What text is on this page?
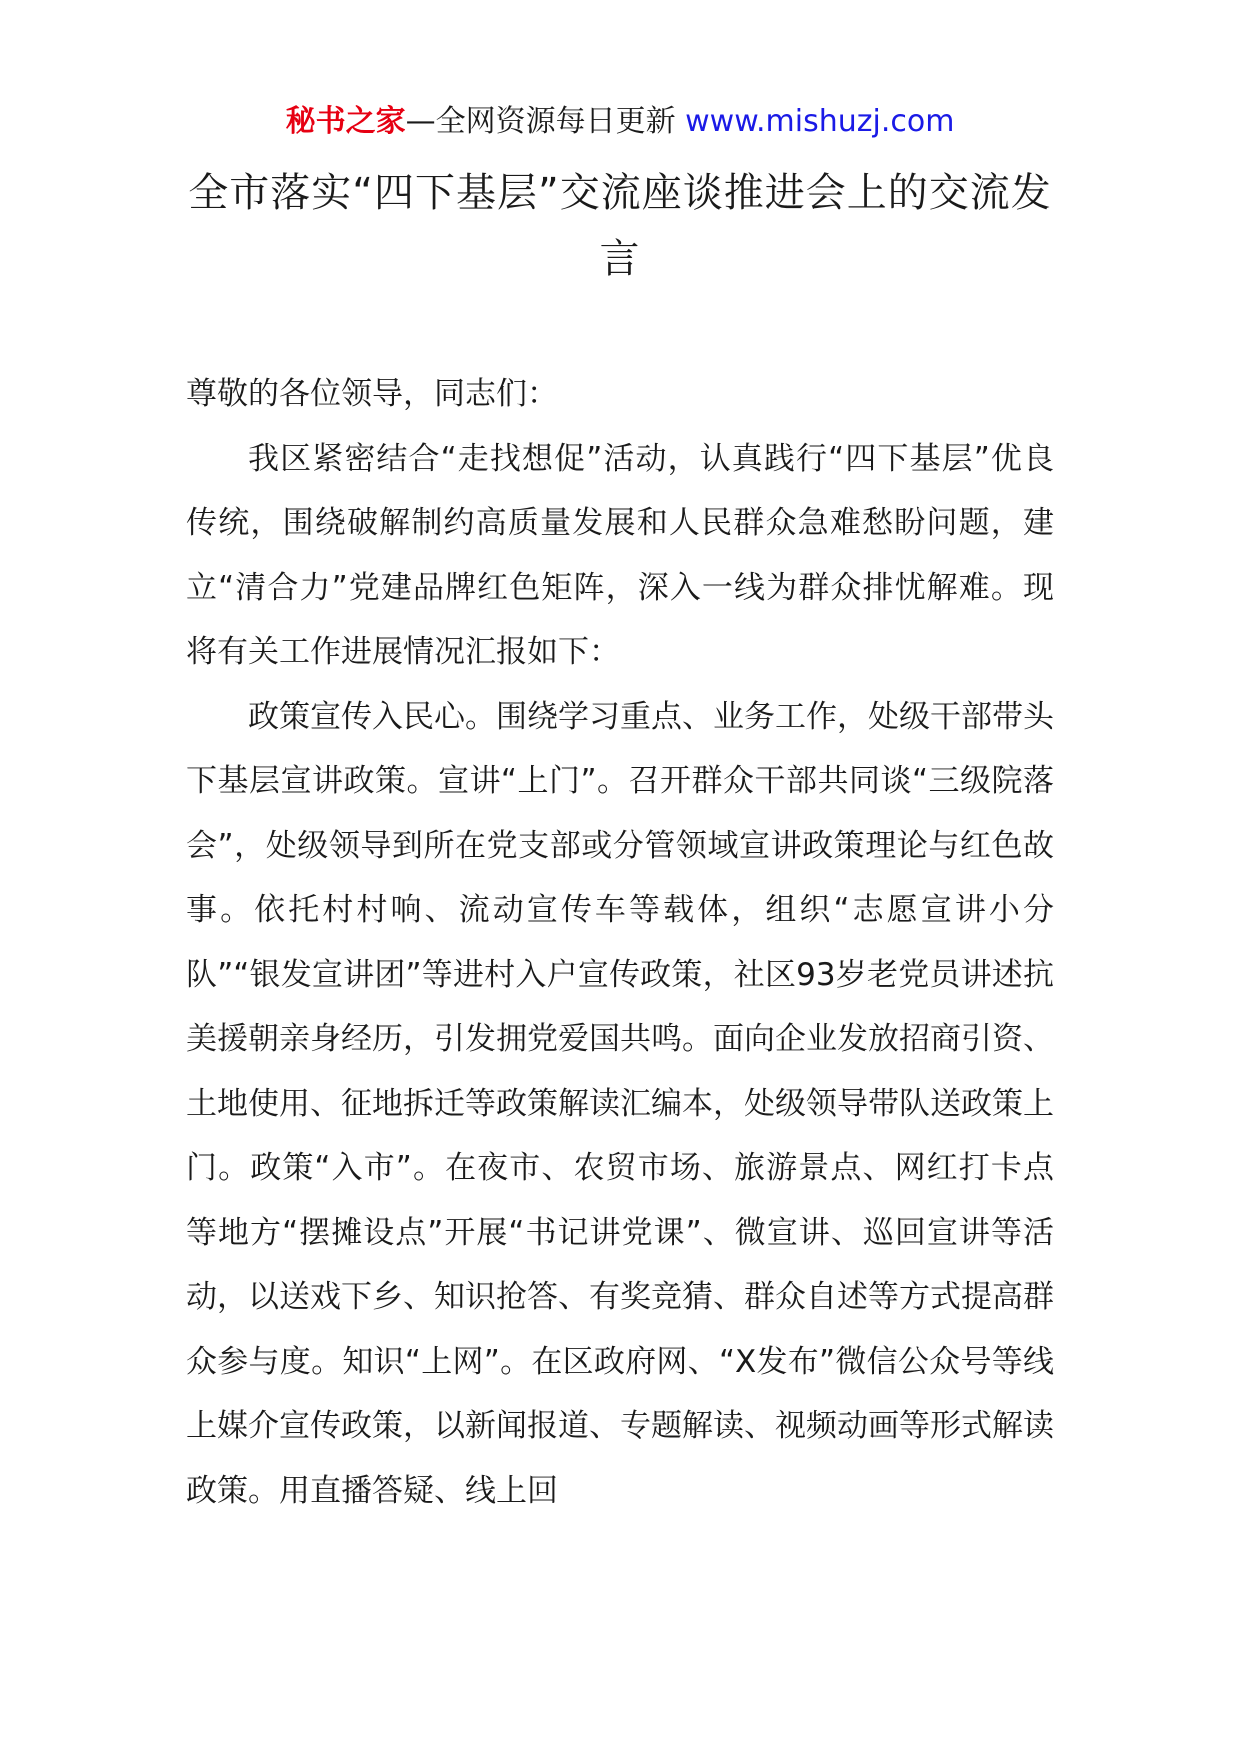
秘书之家—全网资源每日更新 www.mishuzj.com
全市落实“四下基层”交流座谈推进会上的交流发言

尊敬的各位领导，同志们：

我区紧密结合“走找想促”活动，认真践行“四下基层”优良传统，围绕破解制约高质量发展和人民群众急难愁盼问题，建立“清合力”党建品牌红色矩阵，深入一线为群众排忧解难。现将有关工作进展情况汇报如下：

政策宣传入民心。围绕学习重点、业务工作，处级干部带头下基层宣讲政策。宣讲“上门”。召开群众干部共同谈“三级院落会”，处级领导到所在党支部或分管领域宣讲政策理论与红色故事。依托村村响、流动宣传车等载体，组织“志愿宣讲小分队”“银发宣讲团”等进村入户宣传政策，社区93岁老党员讲述抗美援朝亲身经历，引发拥党爱国共鸣。面向企业发放招商引资、土地使用、征地拆迁等政策解读汇编本，处级领导带队送政策上门。政策“入市”。在夜市、农贸市场、旅游景点、网红打卡点等地方“摆摊设点”开展“书记讲党课”、微宣讲、巡回宣讲等活动，以送戏下乡、知识抢答、有奖竞猜、群众自述等方式提高群众参与度。知识“上网”。在区政府网、“X发布”微信公众号等线上媒介宣传政策，以新闻报道、专题解读、视频动画等形式解读政策。用直播答疑、线上回
